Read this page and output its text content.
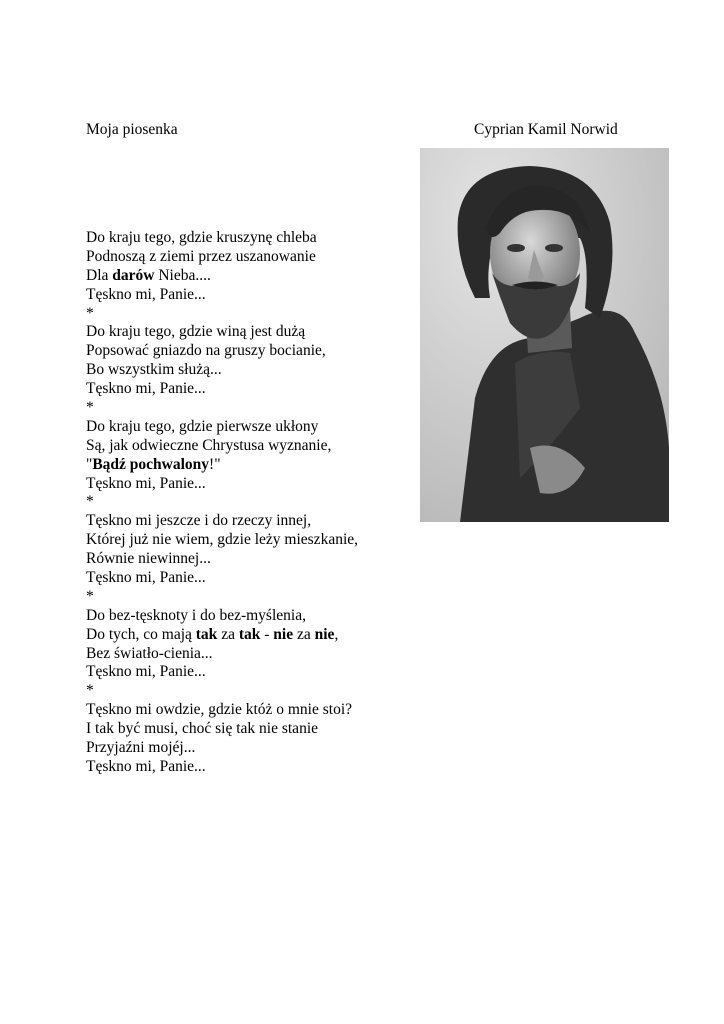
Moja piosenka	Cyprian Kamil Norwid
Do kraju tego, gdzie kruszynę chleba
Podnoszą z ziemi przez uszanowanie
Dla darów Nieba....
Tęskno mi, Panie...
*
Do kraju tego, gdzie winą jest dużą
Popsować gniazdo na gruszy bocianie,
Bo wszystkim służą...
Tęskno mi, Panie...
*
Do kraju tego, gdzie pierwsze ukłony
Są, jak odwieczne Chrystusa wyznanie,
"Bądź pochwalony!"
Tęskno mi, Panie...
*
Tęskno mi jeszcze i do rzeczy innej,
Której już nie wiem, gdzie leży mieszkanie,
Równie niewinnej...
Tęskno mi, Panie...
*
Do bez-tęsknoty i do bez-myślenia,
Do tych, co mają tak za tak - nie za nie,
Bez światło-cienia...
Tęskno mi, Panie...
*
Tęskno mi owdzie, gdzie któż o mnie stoi?
I tak być musi, choć się tak nie stanie
Przyjaźni mojéj...
Tęskno mi, Panie...
